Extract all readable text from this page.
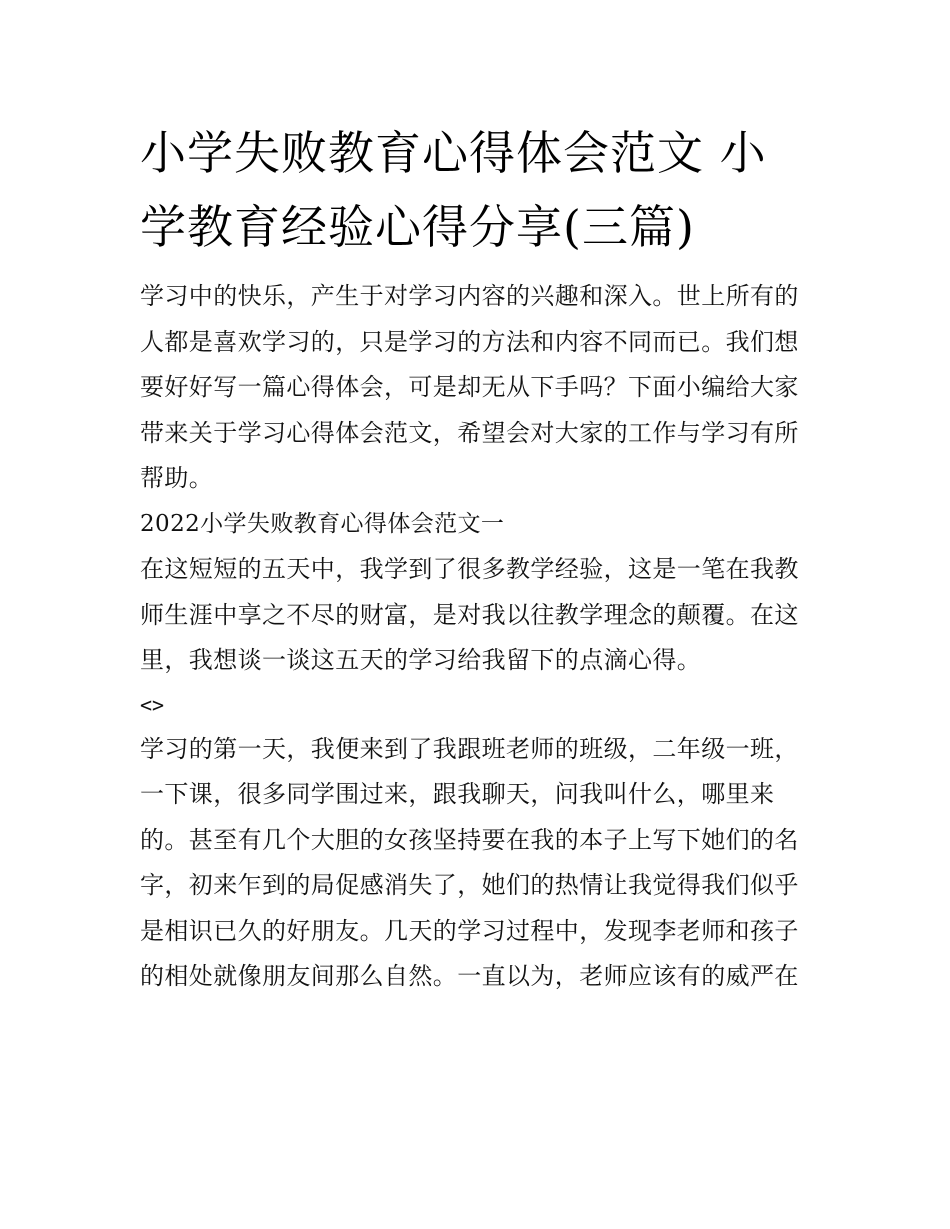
小学失败教育心得体会范文 小
学教育经验心得分享(三篇)
学习中的快乐，产生于对学习内容的兴趣和深入。世上所有的
人都是喜欢学习的，只是学习的方法和内容不同而已。我们想
要好好写一篇心得体会，可是却无从下手吗？下面小编给大家
带来关于学习心得体会范文，希望会对大家的工作与学习有所
帮助。
2022小学失败教育心得体会范文一
在这短短的五天中，我学到了很多教学经验，这是一笔在我教
师生涯中享之不尽的财富，是对我以往教学理念的颠覆。在这
里，我想谈一谈这五天的学习给我留下的点滴心得。
<>
学习的第一天，我便来到了我跟班老师的班级，二年级一班，
一下课，很多同学围过来，跟我聊天，问我叫什么，哪里来
的。甚至有几个大胆的女孩坚持要在我的本子上写下她们的名
字，初来乍到的局促感消失了，她们的热情让我觉得我们似乎
是相识已久的好朋友。几天的学习过程中，发现李老师和孩子
的相处就像朋友间那么自然。一直以为，老师应该有的威严在
